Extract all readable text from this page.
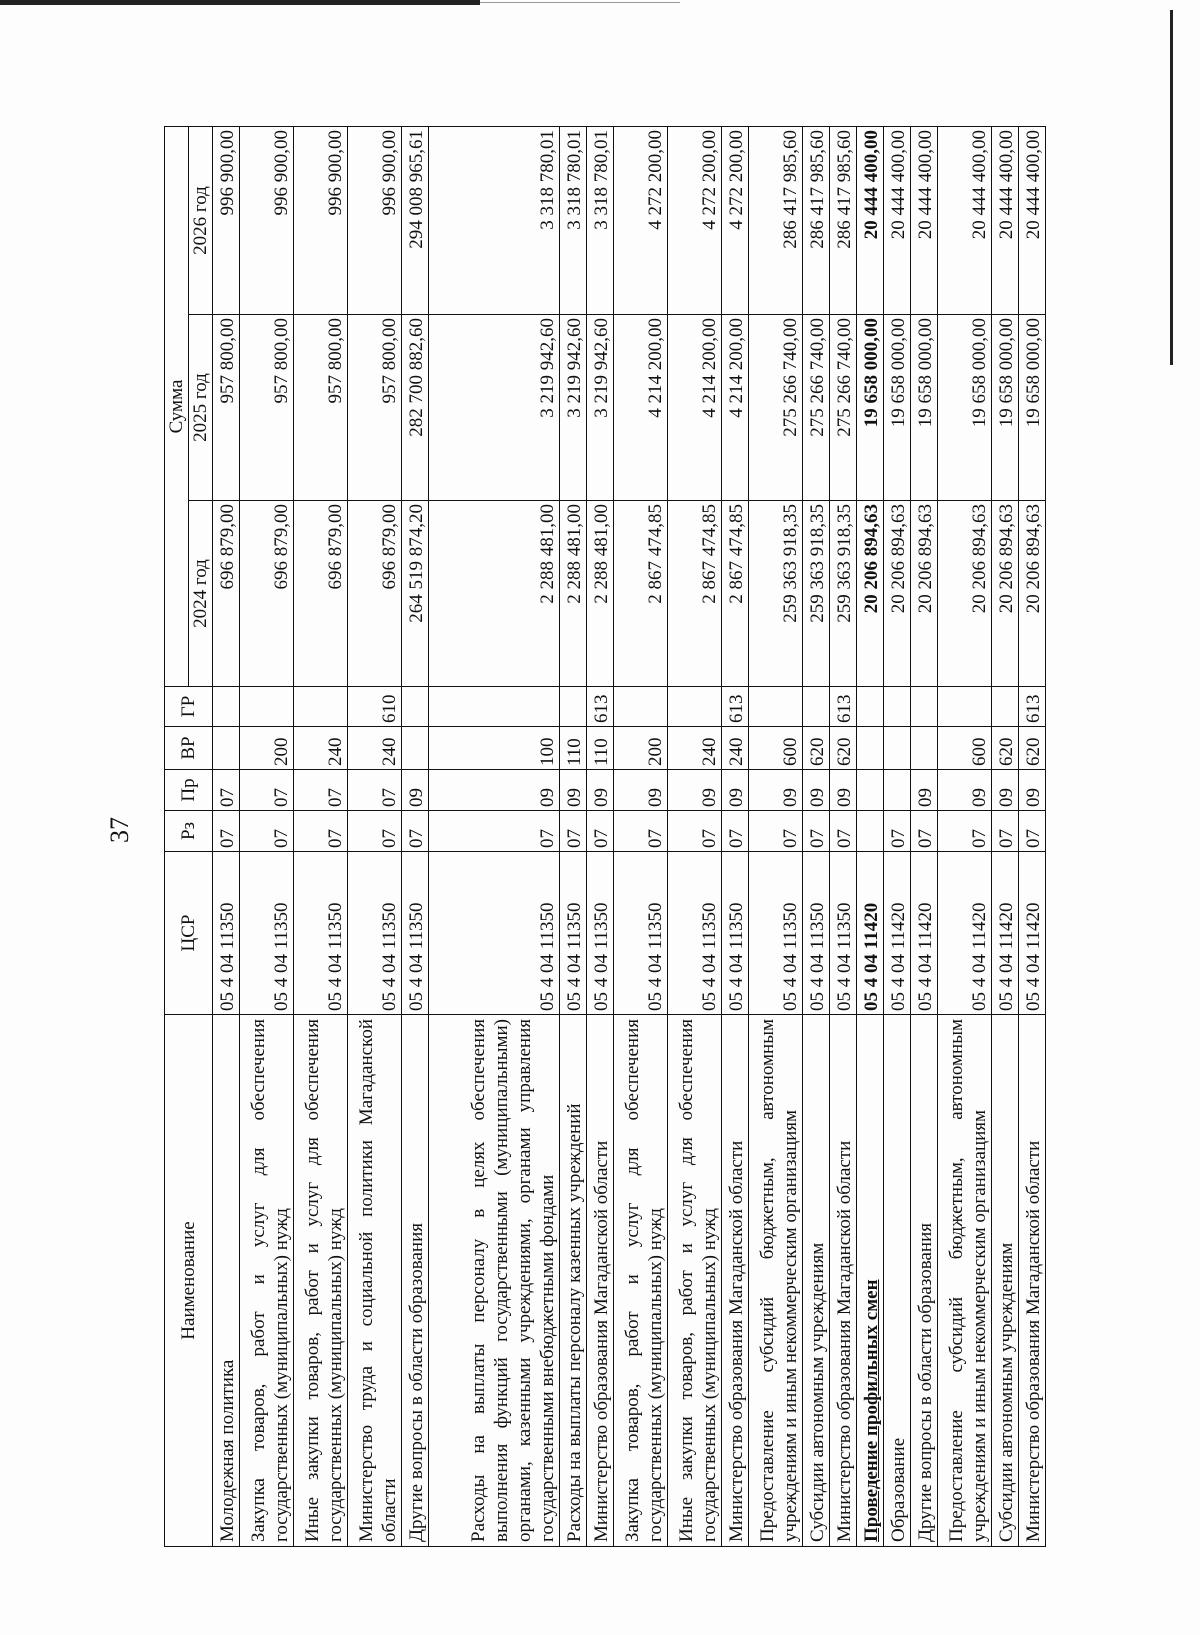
37
Наименование	ЦСР	Рз	Пр	ВР	ГР	Сумма		
						2024 год	2025 год	2026 год
Молодежная политика	05 4 04 11350	07	07			696 879,00	957 800,00	996 900,00
Закупка товаров, работ и услуг для обеспечения государственных (муниципальных) нужд	05 4 04 11350	07	07	200		696 879,00	957 800,00	996 900,00
Иные закупки товаров, работ и услуг для обеспечения государственных (муниципальных) нужд	05 4 04 11350	07	07	240		696 879,00	957 800,00	996 900,00
Министерство труда и социальной политики Магаданской области	05 4 04 11350	07	07	240	610	696 879,00	957 800,00	996 900,00
Другие вопросы в области образования	05 4 04 11350	07	09			264 519 874,20	282 700 882,60	294 008 965,61
Расходы на выплаты персоналу в целях обеспечения выполнения функций государственными (муниципальными) органами, казенными учреждениями, органами управления государственными внебюджетными фондами	05 4 04 11350	07	09	100		2 288 481,00	3 219 942,60	3 318 780,01
Расходы на выплаты персоналу казенных учреждений	05 4 04 11350	07	09	110		2 288 481,00	3 219 942,60	3 318 780,01
Министерство образования Магаданской области	05 4 04 11350	07	09	110	613	2 288 481,00	3 219 942,60	3 318 780,01
Закупка товаров, работ и услуг для обеспечения государственных (муниципальных) нужд	05 4 04 11350	07	09	200		2 867 474,85	4 214 200,00	4 272 200,00
Иные закупки товаров, работ и услуг для обеспечения государственных (муниципальных) нужд	05 4 04 11350	07	09	240		2 867 474,85	4 214 200,00	4 272 200,00
Министерство образования Магаданской области	05 4 04 11350	07	09	240	613	2 867 474,85	4 214 200,00	4 272 200,00
Предоставление субсидий бюджетным, автономным учреждениям и иным некоммерческим организациям	05 4 04 11350	07	09	600		259 363 918,35	275 266 740,00	286 417 985,60
Субсидии автономным учреждениям	05 4 04 11350	07	09	620		259 363 918,35	275 266 740,00	286 417 985,60
Министерство образования Магаданской области	05 4 04 11350	07	09	620	613	259 363 918,35	275 266 740,00	286 417 985,60
Проведение профильных смен	05 4 04 11420					20 206 894,63	19 658 000,00	20 444 400,00
Образование	05 4 04 11420	07				20 206 894,63	19 658 000,00	20 444 400,00
Другие вопросы в области образования	05 4 04 11420	07	09			20 206 894,63	19 658 000,00	20 444 400,00
Предоставление субсидий бюджетным, автономным учреждениям и иным некоммерческим организациям	05 4 04 11420	07	09	600		20 206 894,63	19 658 000,00	20 444 400,00
Субсидии автономным учреждениям	05 4 04 11420	07	09	620		20 206 894,63	19 658 000,00	20 444 400,00
Министерство образования Магаданской области	05 4 04 11420	07	09	620	613	20 206 894,63	19 658 000,00	20 444 400,00
